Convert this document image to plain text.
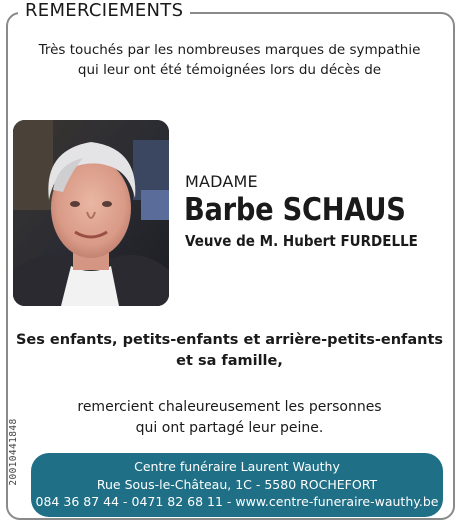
REMERCIEMENTS
Très touchés par les nombreuses marques de sympathie
qui leur ont été témoignées lors du décès de
MADAME
Barbe SCHAUS
Veuve de M. Hubert FURDELLE
Ses enfants, petits-enfants et arrière-petits-enfants
et sa famille,
remercient chaleureusement les personnes
qui ont partagé leur peine.
20010441848	Centre funéraire Laurent Wauthy
Rue Sous-le-Château, 1C - 5580 ROCHEFORT
084 36 87 44 - 0471 82 68 11 - www.centre-funeraire-wauthy.be
